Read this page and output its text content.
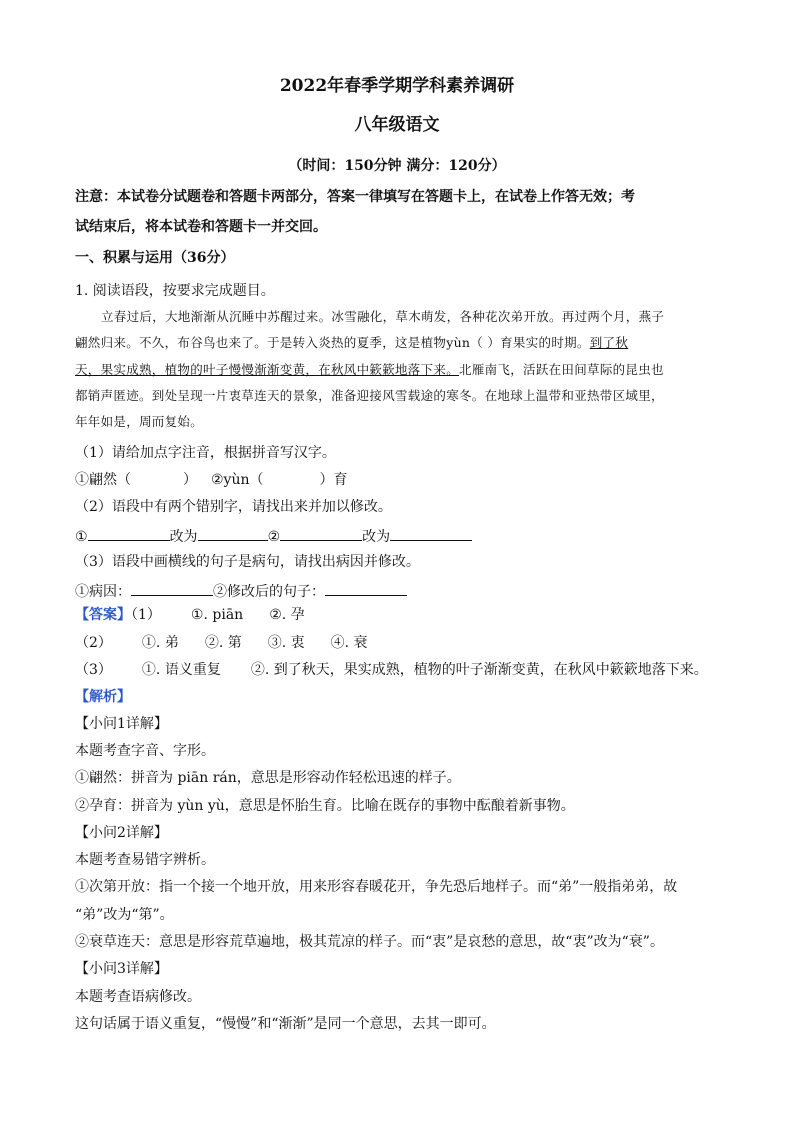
2022年春季学期学科素养调研
八年级语文
（时间：150分钟 满分：120分）
注意：本试卷分试题卷和答题卡两部分，答案一律填写在答题卡上，在试卷上作答无效；考
试结束后，将本试卷和答题卡一并交回。
一、积累与运用（36分）
1. 阅读语段，按要求完成题目。
立春过后，大地渐渐从沉睡中苏醒过来。冰雪融化，草木萌发，各种花次弟开放。再过两个月，燕子
翩然归来。不久，布谷鸟也来了。于是转入炎热的夏季，这是植物yùn（ ）育果实的时期。到了秋
天，果实成熟，植物的叶子慢慢渐渐变黄，在秋风中簌簌地落下来。北雁南飞，活跃在田间草际的昆虫也
都销声匿迹。到处呈现一片衷草连天的景象，准备迎接风雪载途的寒冬。在地球上温带和亚热带区域里，
年年如是，周而复始。
（1）请给加点字注音，根据拼音写汉字。
①翩然（	） ②yùn（	）育
（2）语段中有两个错别字，请找出来并加以修改。
①	改为	②	改为
（3）语段中画横线的句子是病句，请找出病因并修改。
①病因：	②修改后的句子：
【答案】（1） ①. piān ②. 孕
（2） ①. 弟 ②. 第 ③. 衷 ④. 衰
（3） ①. 语义重复 ②. 到了秋天，果实成熟，植物的叶子渐渐变黄，在秋风中簌簌地落下来。
【解析】
【小问1详解】
本题考查字音、字形。
①翩然：拼音为 piān rán，意思是形容动作轻松迅速的样子。
②孕育：拼音为 yùn yù，意思是怀胎生育。比喻在既存的事物中酝酿着新事物。
【小问2详解】
本题考查易错字辨析。
①次第开放：指一个接一个地开放，用来形容春暖花开，争先恐后地样子。而“弟”一般指弟弟，故
“弟”改为“第”。
②衰草连天：意思是形容荒草遍地，极其荒凉的样子。而“衷”是哀愁的意思，故“衷”改为“衰”。
【小问3详解】
本题考查语病修改。
这句话属于语义重复，“慢慢”和“渐渐”是同一个意思，去其一即可。
